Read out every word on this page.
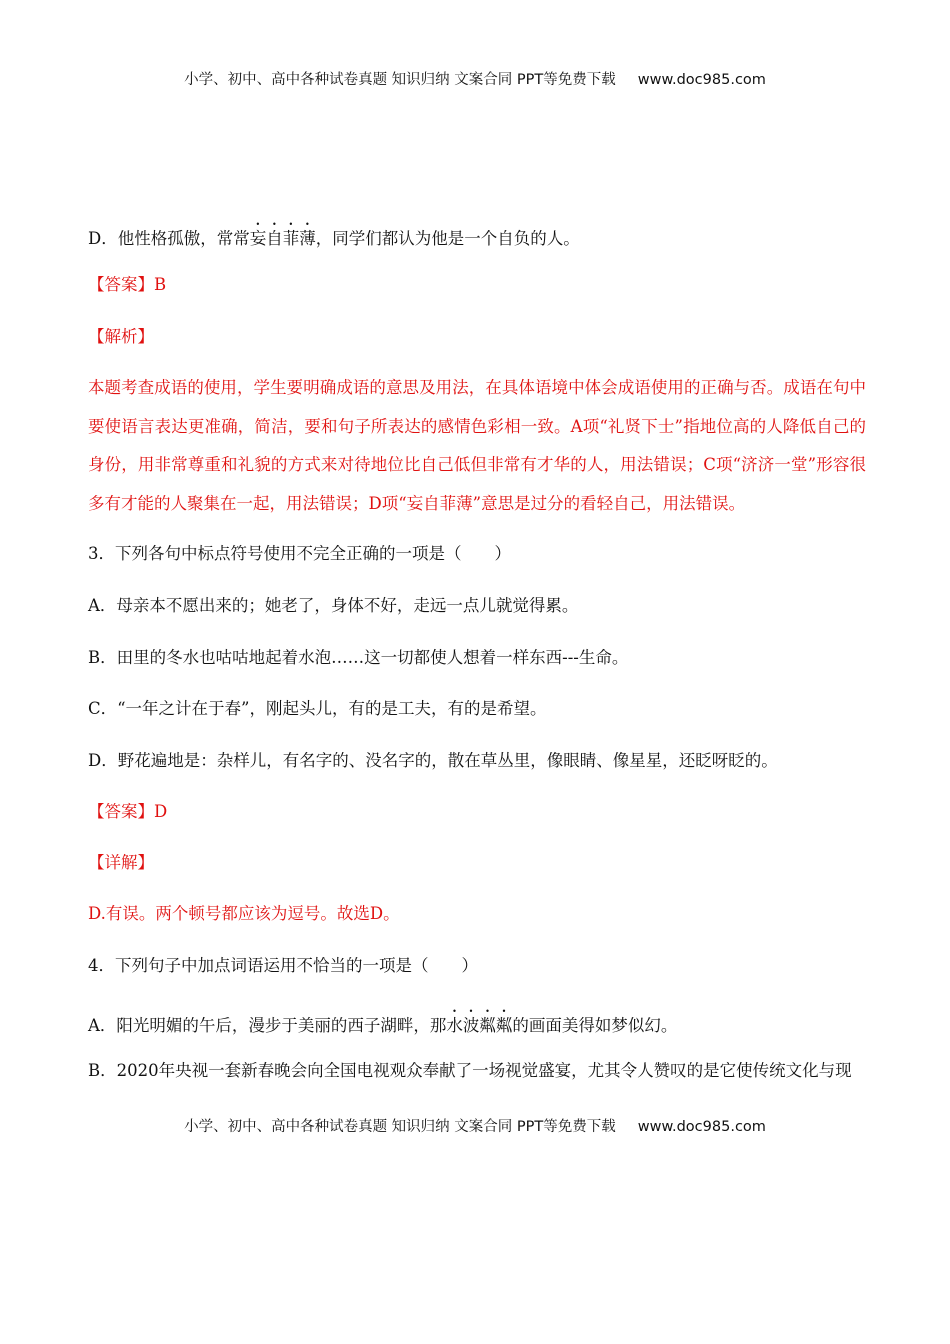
小学、初中、高中各种试卷真题 知识归纳 文案合同 PPT等免费下载 www.doc985.com
D．他性格孤傲，常常妄自菲薄，同学们都认为他是一个自负的人。
【答案】B
【解析】
本题考查成语的使用，学生要明确成语的意思及用法，在具体语境中体会成语使用的正确与否。成语在句中要使语言表达更准确，简洁，要和句子所表达的感情色彩相一致。A项“礼贤下士”指地位高的人降低自己的身份，用非常尊重和礼貌的方式来对待地位比自己低但非常有才华的人，用法错误；C项“济济一堂”形容很多有才能的人聚集在一起，用法错误；D项“妄自菲薄”意思是过分的看轻自己，用法错误。
3．下列各句中标点符号使用不完全正确的一项是（　　）
A．母亲本不愿出来的；她老了，身体不好，走远一点儿就觉得累。
B．田里的冬水也咕咕地起着水泡……这一切都使人想着一样东西---生命。
C．“一年之计在于春”，刚起头儿，有的是工夫，有的是希望。
D．野花遍地是：杂样儿，有名字的、没名字的，散在草丛里，像眼睛、像星星，还眨呀眨的。
【答案】D
【详解】
D.有误。两个顿号都应该为逗号。故选D。
4．下列句子中加点词语运用不恰当的一项是（　　）
A．阳光明媚的午后，漫步于美丽的西子湖畔，那水波粼粼的画面美得如梦似幻。
B．2020年央视一套新春晚会向全国电视观众奉献了一场视觉盛宴，尤其令人赞叹的是它使传统文化与现
小学、初中、高中各种试卷真题 知识归纳 文案合同 PPT等免费下载 www.doc985.com
